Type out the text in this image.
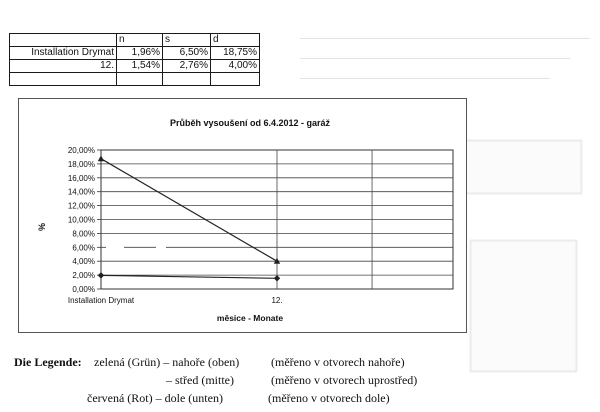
	n	s	d
Installation Drymat	1,96%	6,50%	18,75%
12.	1,54%	2,76%	4,00%

Průběh vysoušení od 6.4.2012 - garáž
20,00%
18,00%
16,00%
14,00%
12,00%
10,00%
8,00%
6,00%
4,00%
2,00%
0,00%
Installation Drymat	12.
měsice - Monate
%
Die Legende: zelená (Grün) – nahoře (oben)	(měřeno v otvorech nahoře)
– střed (mitte)	(měřeno v otvorech uprostřed)
červená (Rot) – dole (unten)	(měřeno v otvorech dole)
